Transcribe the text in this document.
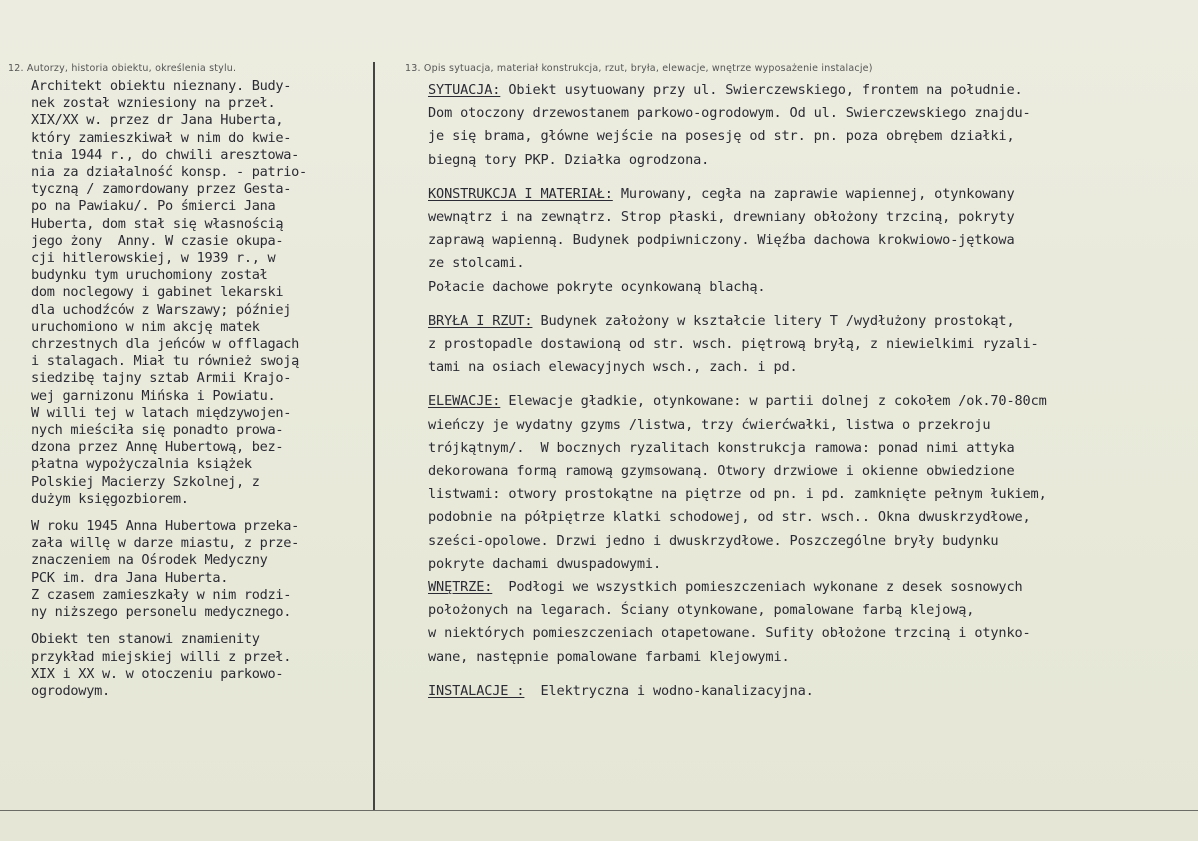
12. Autorzy, historia obiektu, określenia stylu.	13. Opis sytuacja, materiał konstrukcja, rzut, bryła, elewacje, wnętrze wyposażenie instalacje)

Architekt obiektu nieznany. Budy-
nek został wzniesiony na przeł.
XIX/XX w. przez dr Jana Huberta,
który zamieszkiwał w nim do kwie-
tnia 1944 r., do chwili aresztowa-
nia za działalność konsp. - patrio-
tyczną / zamordowany przez Gesta-
po na Pawiaku/. Po śmierci Jana
Huberta, dom stał się własnością
jego żony  Anny. W czasie okupa-
cji hitlerowskiej, w 1939 r., w
budynku tym uruchomiony został
dom noclegowy i gabinet lekarski
dla uchodźców z Warszawy; później
uruchomiono w nim akcję matek
chrzestnych dla jeńców w offlagach
i stalagach. Miał tu również swoją
siedzibę tajny sztab Armii Krajo-
wej garnizonu Mińska i Powiatu.
W willi tej w latach międzywojen-
nych mieściła się ponadto prowa-
dzona przez Annę Hubertową, bez-
płatna wypożyczalnia książek
Polskiej Macierzy Szkolnej, z
dużym księgozbiorem.

W roku 1945 Anna Hubertowa przeka-
zała willę w darze miastu, z prze-
znaczeniem na Ośrodek Medyczny
PCK im. dra Jana Huberta.
Z czasem zamieszkały w nim rodzi-
ny niższego personelu medycznego.

Obiekt ten stanowi znamienity
przykład miejskiej willi z przeł.
XIX i XX w. w otoczeniu parkowo-
ogrodowym.

SYTUACJA: Obiekt usytuowany przy ul. Swierczewskiego, frontem na południe.
Dom otoczony drzewostanem parkowo-ogrodowym. Od ul. Swierczewskiego znajdu-
je się brama, główne wejście na posesję od str. pn. poza obrębem działki,
biegną tory PKP. Działka ogrodzona.

KONSTRUKCJA I MATERIAŁ: Murowany, cegła na zaprawie wapiennej, otynkowany
wewnątrz i na zewnątrz. Strop płaski, drewniany obłożony trzciną, pokryty
zaprawą wapienną. Budynek podpiwniczony. Więźba dachowa krokwiowo-jętkowa
ze stolcami.
Połacie dachowe pokryte ocynkowaną blachą.

BRYŁA I RZUT: Budynek założony w kształcie litery T /wydłużony prostokąt,
z prostopadle dostawioną od str. wsch. piętrową bryłą, z niewielkimi ryzali-
tami na osiach elewacyjnych wsch., zach. i pd.

ELEWACJE: Elewacje gładkie, otynkowane: w partii dolnej z cokołem /ok.70-80cm
wieńczy je wydatny gzyms /listwa, trzy ćwierćwałki, listwa o przekroju
trójkątnym/.  W bocznych ryzalitach konstrukcja ramowa: ponad nimi attyka
dekorowana formą ramową gzymsowaną. Otwory drzwiowe i okienne obwiedzione
listwami: otwory prostokątne na piętrze od pn. i pd. zamknięte pełnym łukiem,
podobnie na półpiętrze klatki schodowej, od str. wsch.. Okna dwuskrzydłowe,
sześci-opolowe. Drzwi jedno i dwuskrzydłowe. Poszczególne bryły budynku
pokryte dachami dwuspadowymi.

WNĘTRZE:  Podłogi we wszystkich pomieszczeniach wykonane z desek sosnowych
położonych na legarach. Ściany otynkowane, pomalowane farbą klejową,
w niektórych pomieszczeniach otapetowane. Sufity obłożone trzciną i otynko-
wane, następnie pomalowane farbami klejowymi.

INSTALACJE :  Elektryczna i wodno-kanalizacyjna.
